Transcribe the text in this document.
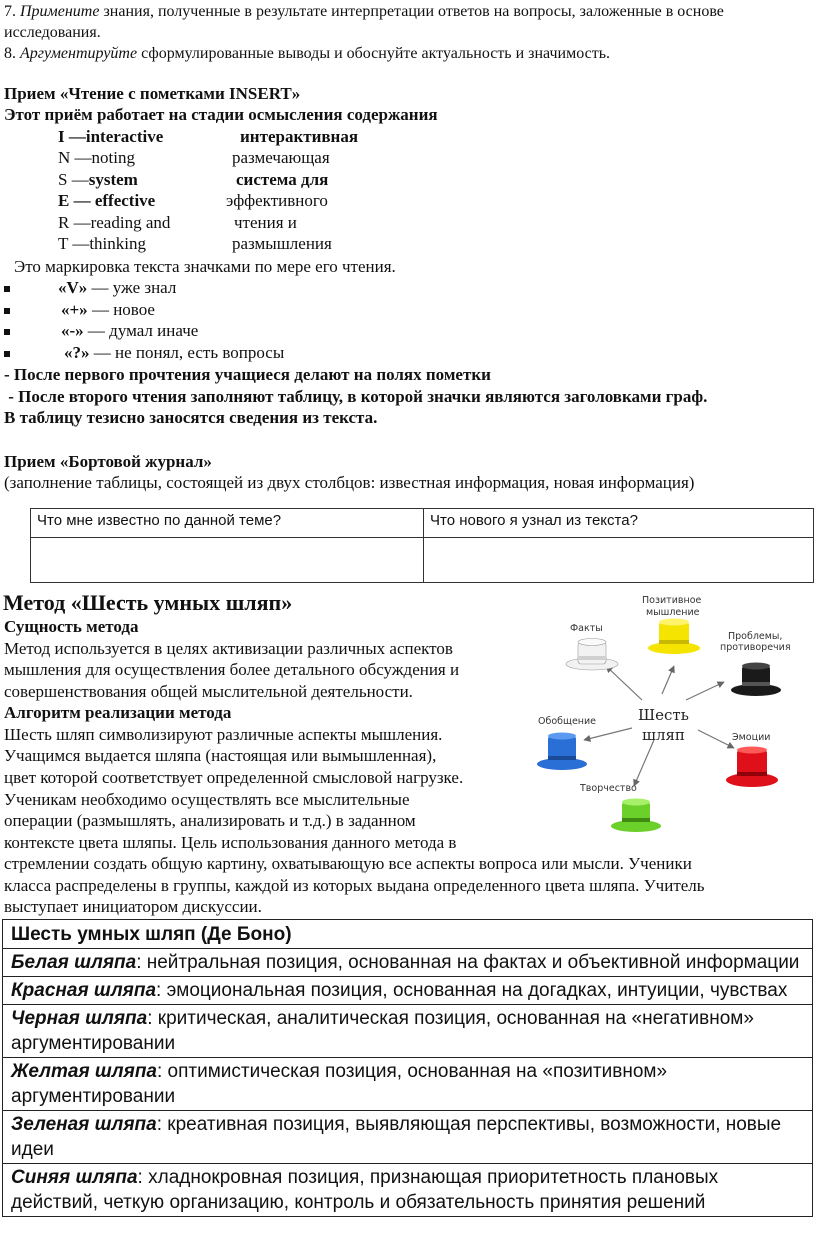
7. Примените знания, полученные в результате интерпретации ответов на вопросы, заложенные в основе
исследования.
8. Аргументируйте сформулированные выводы и обоснуйте актуальность и значимость.
Прием «Чтение с пометками INSERT»
Этот приём работает на стадии осмысления содержания
I —interactive	интерактивная
N —noting	размечающая
S —system	система для
E — effective	эффективного
R —reading and	чтения и
T —thinking	размышления
Это маркировка текста значками по мере его чтения.
«V» — уже знал
«+» — новое
«-» — думал иначе
«?» — не понял, есть вопросы
- После первого прочтения учащиеся делают на полях пометки
- После второго чтения заполняют таблицу, в которой значки являются заголовками граф.
В таблицу тезисно заносятся сведения из текста.
Прием «Бортовой журнал»
(заполнение таблицы, состоящей из двух столбцов: известная информация, новая информация)
Что мне известно по данной теме?	Что нового я узнал из текста?

Метод «Шесть умных шляп»
Сущность метода
Метод используется в целях активизации различных аспектов
мышления для осуществления более детального обсуждения и
совершенствования общей мыслительной деятельности.
Алгоритм реализации метода
Шесть шляп символизируют различные аспекты мышления.
Учащимся выдается шляпа (настоящая или вымышленная),
цвет которой соответствует определенной смысловой нагрузке.
Ученикам необходимо осуществлять все мыслительные
операции (размышлять, анализировать и т.д.) в заданном
контексте цвета шляпы. Цель использования данного метода в
стремлении создать общую картину, охватывающую все аспекты вопроса или мысли. Ученики
класса распределены в группы, каждой из которых выдана определенного цвета шляпа. Учитель
выступает инициатором дискуссии.
Шесть
шляп
Факты
Позитивное
мышление
Проблемы,
противоречия
Обобщение
Эмоции
Творчество
Шесть умных шляп (Де Боно)
Белая шляпа: нейтральная позиция, основанная на фактах и объективной информации
Красная шляпа: эмоциональная позиция, основанная на догадках, интуиции, чувствах
Черная шляпа: критическая, аналитическая позиция, основанная на «негативном» аргументировании
Желтая шляпа: оптимистическая позиция, основанная на «позитивном» аргументировании
Зеленая шляпа: креативная позиция, выявляющая перспективы, возможности, новые идеи
Синяя шляпа: хладнокровная позиция, признающая приоритетность плановых действий, четкую организацию, контроль и обязательность принятия решений
